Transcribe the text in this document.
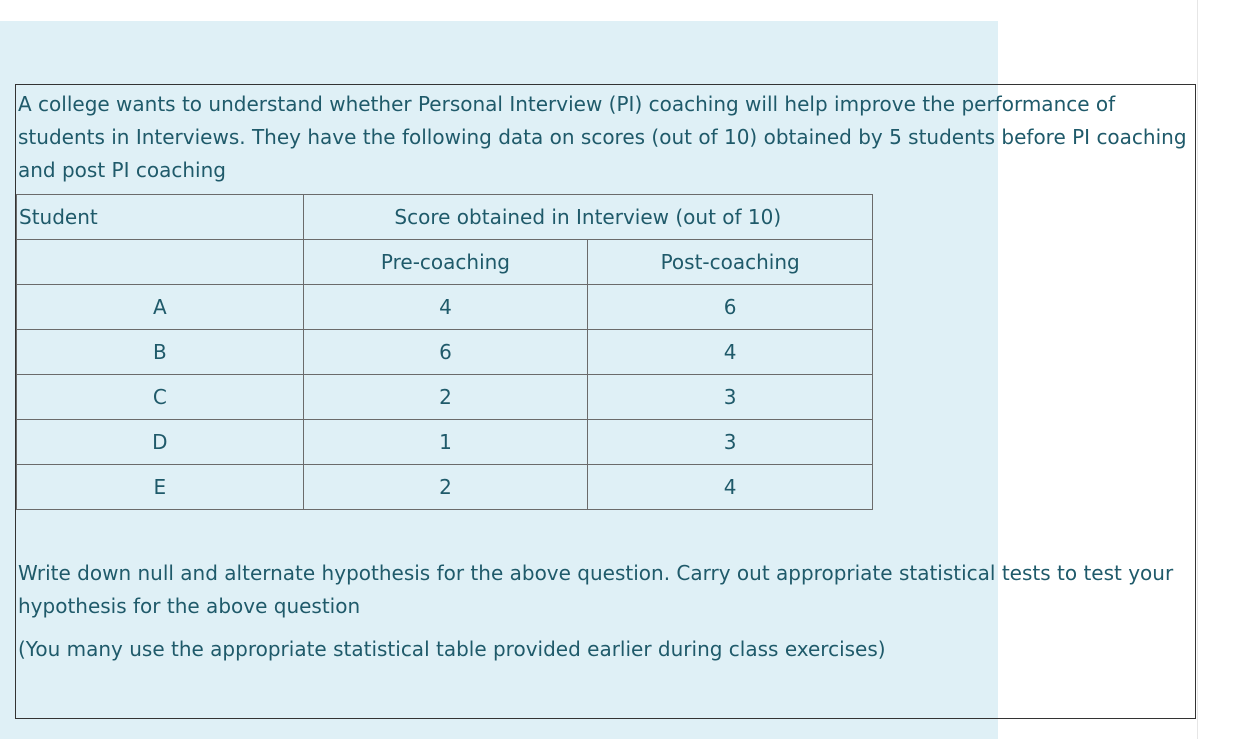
A college wants to understand whether Personal Interview (PI) coaching will help improve the performance of students in Interviews. They have the following data on scores (out of 10) obtained by 5 students before PI coaching and post PI coaching

Student	Score obtained in Interview (out of 10)	
	Pre-coaching	Post-coaching
A	4	6
B	6	4
C	2	3
D	1	3
E	2	4

Write down null and alternate hypothesis for the above question. Carry out appropriate statistical tests to test your hypothesis for the above question

(You many use the appropriate statistical table provided earlier during class exercises)
